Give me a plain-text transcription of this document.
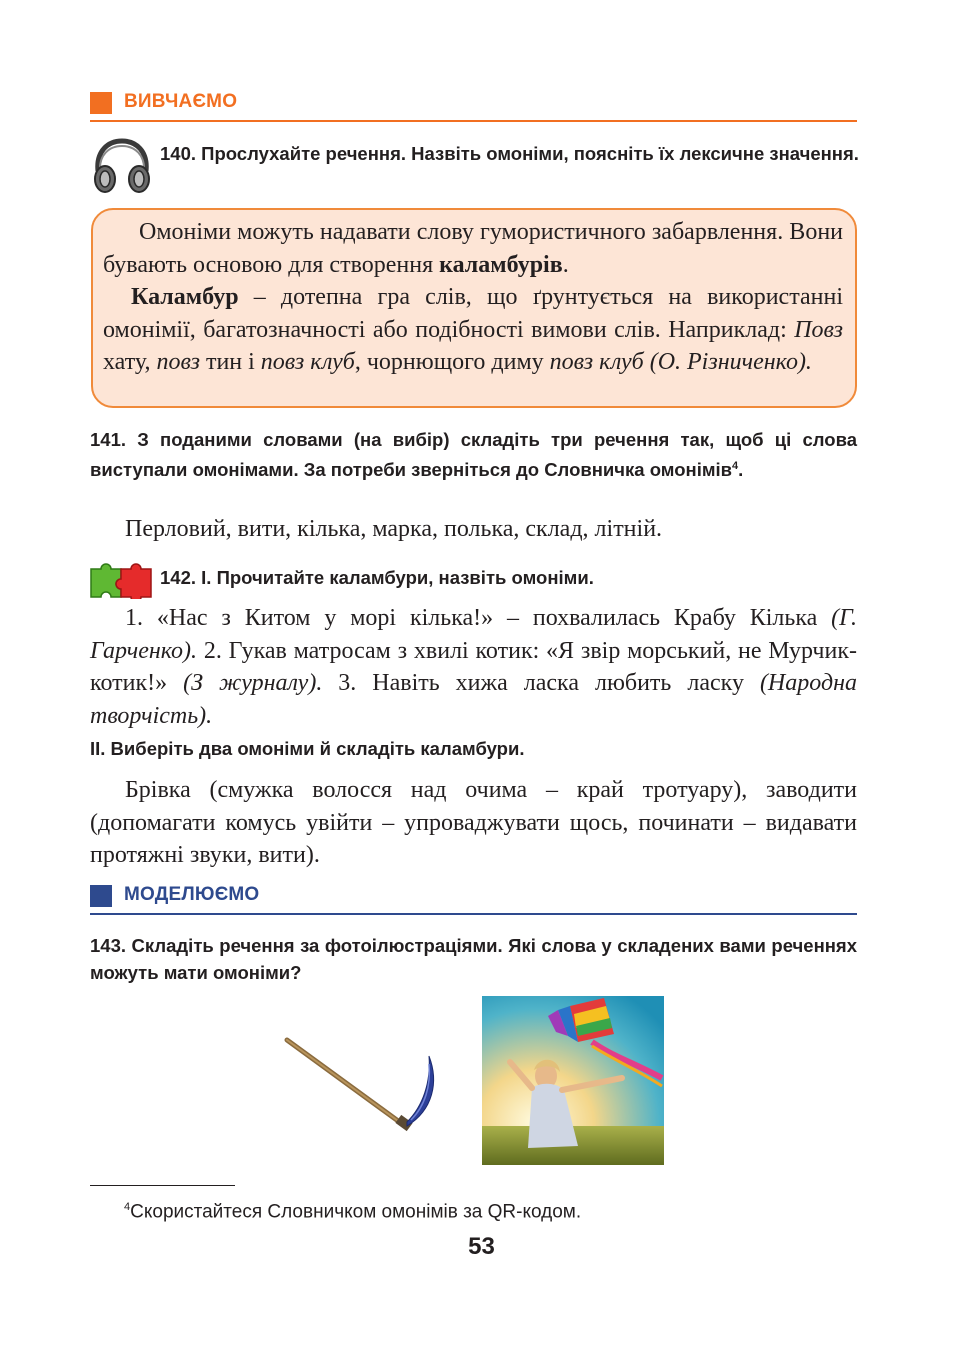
ВИВЧАЄМО
140. Прослухайте речення. Назвіть омоніми, поясніть їх лексичне значення.

Омоніми можуть надавати слову гумористичного забарвлення. Вони бувають основою для створення каламбурів.

Каламбур – дотепна гра слів, що ґрунтується на використанні омонімії, багатозначності або подібності вимови слів. Наприклад: Повз хату, повз тин і повз клуб, чорнющого диму повз клуб (О. Різниченко).

141. З поданими словами (на вибір) складіть три речення так, щоб ці слова виступали омонімами. За потреби зверніться до Словничка омонімів$^4$.
Перловий, вити, кілька, марка, полька, склад, літній.
142. І. Прочитайте каламбури, назвіть омоніми.
1. «Нас з Китом у морі кілька!» – похвалилась Крабу Кілька (Г. Гарченко). 2. Гукав матросам з хвилі котик: «Я звір морський, не Мурчик-котик!» (З журналу). 3. Навіть хижа ласка любить ласку (Народна творчість).
ІІ. Виберіть два омоніми й складіть каламбури.
Брівка (смужка волосся над очима – край тротуару), заводити (допомагати комусь увійти – упроваджувати щось, починати – видавати протяжні звуки, вити).
МОДЕЛЮЄМО
143. Складіть речення за фотоілюстраціями. Які слова у складених вами реченнях можуть мати омоніми?
$^4$Скористайтеся Словничком омонімів за QR-кодом.
53
